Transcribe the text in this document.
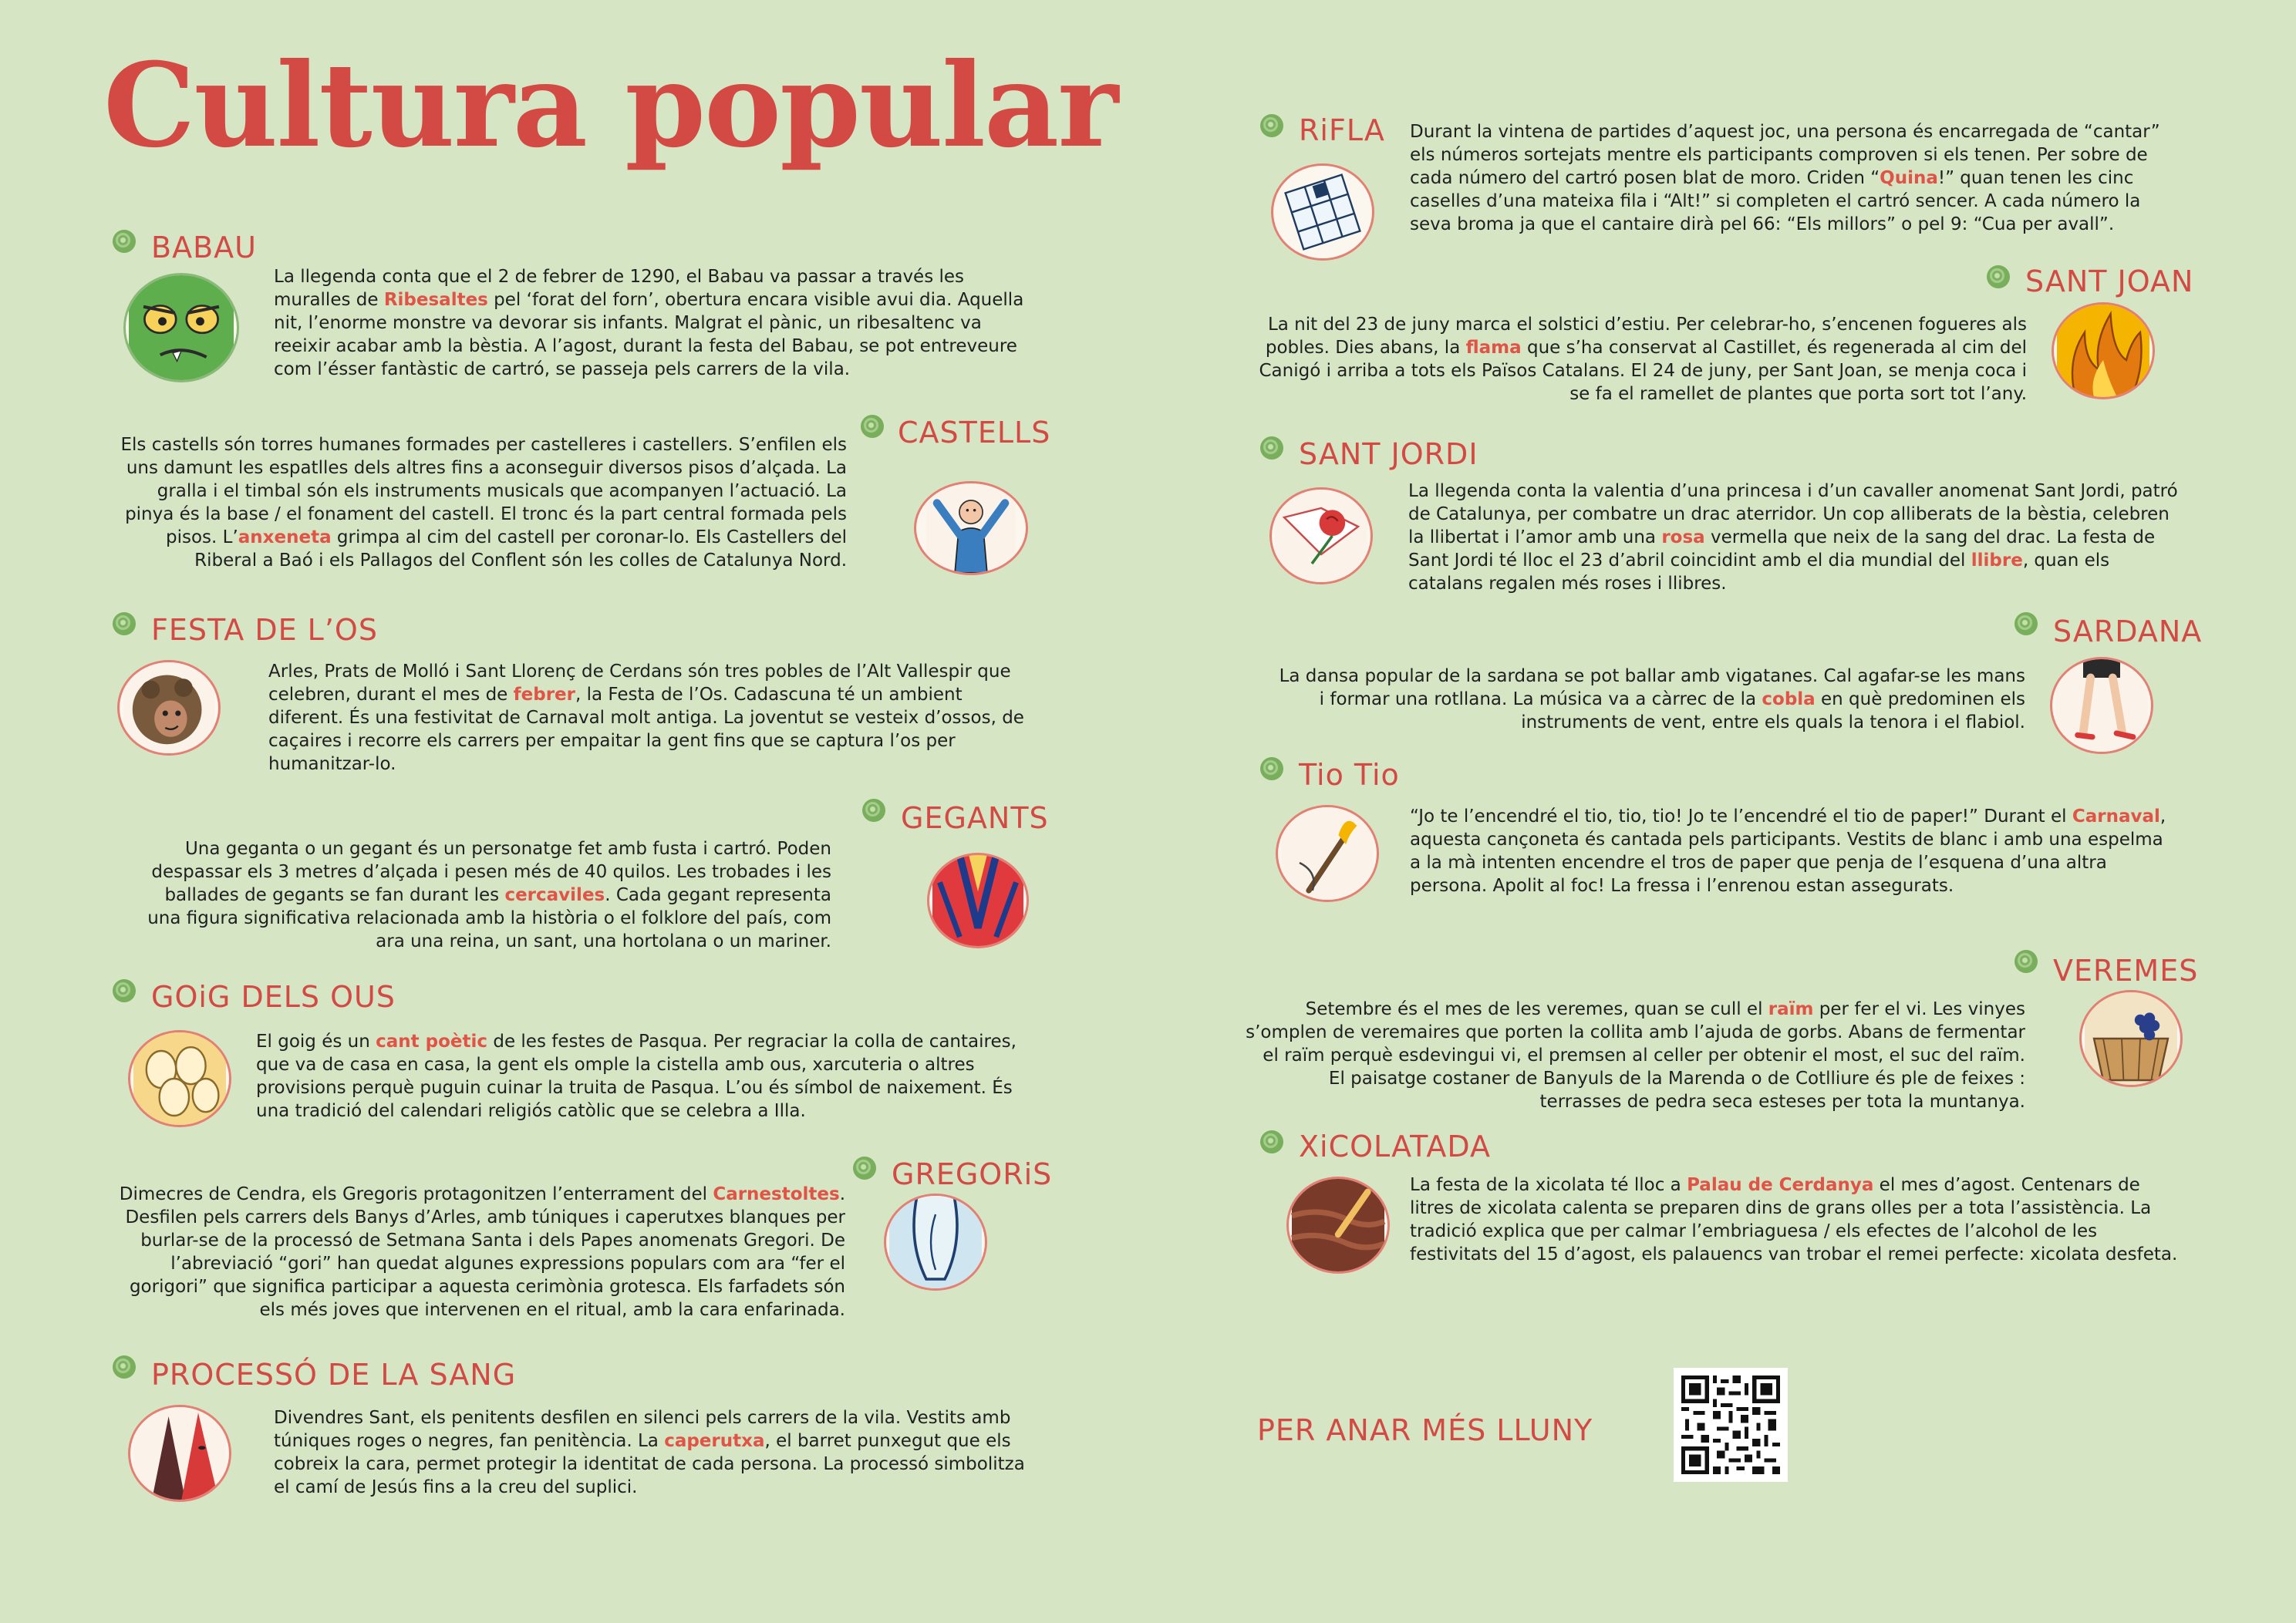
Cultura popular
BABAU

La llegenda conta que el 2 de febrer de 1290, el Babau va passar a través les muralles de Ribesaltes pel ‘forat del forn’, obertura encara visible avui dia. Aquella nit, l’enorme monstre va devorar sis infants. Malgrat el pànic, un ribesaltenc va reeixir acabar amb la bèstia. A l’agost, durant la festa del Babau, se pot entreveure com l’ésser fantàstic de cartró, se passeja pels carrers de la vila.

CASTELLS

Els castells són torres humanes formades per castelleres i castellers. S’enfilen els uns damunt les espatlles dels altres fins a aconseguir diversos pisos d’alçada. La gralla i el timbal són els instruments musicals que acompanyen l’actuació. La pinya és la base / el fonament del castell. El tronc és la part central formada pels pisos. L’anxeneta grimpa al cim del castell per coronar-lo. Els Castellers del Riberal a Baó i els Pallagos del Conflent són les colles de Catalunya Nord.

FESTA DE L’OS

Arles, Prats de Molló i Sant Llorenç de Cerdans són tres pobles de l’Alt Vallespir que celebren, durant el mes de febrer, la Festa de l’Os. Cadascuna té un ambient diferent. És una festivitat de Carnaval molt antiga. La joventut se vesteix d’ossos, de caçaires i recorre els carrers per empaitar la gent fins que se captura l’os per humanitzar-lo.

GEGANTS

Una geganta o un gegant és un personatge fet amb fusta i cartró. Poden despassar els 3 metres d’alçada i pesen més de 40 quilos. Les trobades i les ballades de gegants se fan durant les cercaviles. Cada gegant representa una figura significativa relacionada amb la història o el folklore del país, com ara una reina, un sant, una hortolana o un mariner.

GOiG DELS OUS

El goig és un cant poètic de les festes de Pasqua. Per regraciar la colla de cantaires, que va de casa en casa, la gent els omple la cistella amb ous, xarcuteria o altres provisions perquè puguin cuinar la truita de Pasqua. L’ou és símbol de naixement. És una tradició del calendari religiós catòlic que se celebra a Illa.

GREGORiS

Dimecres de Cendra, els Gregoris protagonitzen l’enterrament del Carnestoltes. Desfilen pels carrers dels Banys d’Arles, amb túniques i caperutxes blanques per burlar-se de la processó de Setmana Santa i dels Papes anomenats Gregori. De l’abreviació “gori” han quedat algunes expressions populars com ara “fer el gorigori” que significa participar a aquesta cerimònia grotesca. Els farfadets són els més joves que intervenen en el ritual, amb la cara enfarinada.

PROCESSÓ DE LA SANG

Divendres Sant, els penitents desfilen en silenci pels carrers de la vila. Vestits amb túniques roges o negres, fan penitència. La caperutxa, el barret punxegut que els cobreix la cara, permet protegir la identitat de cada persona. La processó simbolitza el camí de Jesús fins a la creu del suplici.

RiFLA Durant la vintena de partides d’aquest joc, una persona és encarregada de “cantar” els números sortejats mentre els participants comproven si els tenen. Per sobre de cada número del cartró posen blat de moro. Criden “Quina!” quan tenen les cinc caselles d’una mateixa fila i “Alt!” si completen el cartró sencer. A cada número la seva broma ja que el cantaire dirà pel 66: “Els millors” o pel 9: “Cua per avall”.

SANT JOAN

La nit del 23 de juny marca el solstici d’estiu. Per celebrar-ho, s’encenen fogueres als pobles. Dies abans, la flama que s’ha conservat al Castillet, és regenerada al cim del Canigó i arriba a tots els Països Catalans. El 24 de juny, per Sant Joan, se menja coca i se fa el ramellet de plantes que porta sort tot l’any.

SANT JORDI

La llegenda conta la valentia d’una princesa i d’un cavaller anomenat Sant Jordi, patró de Catalunya, per combatre un drac aterridor. Un cop alliberats de la bèstia, celebren la llibertat i l’amor amb una rosa vermella que neix de la sang del drac. La festa de Sant Jordi té lloc el 23 d’abril coincidint amb el dia mundial del llibre, quan els catalans regalen més roses i llibres.

SARDANA

La dansa popular de la sardana se pot ballar amb vigatanes. Cal agafar-se les mans i formar una rotllana. La música va a càrrec de la cobla en què predominen els instruments de vent, entre els quals la tenora i el flabiol.

Tio Tio

“Jo te l’encendré el tio, tio, tio! Jo te l’encendré el tio de paper!” Durant el Carnaval, aquesta cançoneta és cantada pels participants. Vestits de blanc i amb una espelma a la mà intenten encendre el tros de paper que penja de l’esquena d’una altra persona. Apolit al foc! La fressa i l’enrenou estan assegurats.

VEREMES

Setembre és el mes de les veremes, quan se cull el raïm per fer el vi. Les vinyes s’omplen de veremaires que porten la collita amb l’ajuda de gorbs. Abans de fermentar el raïm perquè esdevingui vi, el premsen al celler per obtenir el most, el suc del raïm. El paisatge costaner de Banyuls de la Marenda o de Cotlliure és ple de feixes : terrasses de pedra seca esteses per tota la muntanya.

XiCOLATADA

La festa de la xicolata té lloc a Palau de Cerdanya el mes d’agost. Centenars de litres de xicolata calenta se preparen dins de grans olles per a tota l’assistència. La tradició explica que per calmar l’embriaguesa / els efectes de l’alcohol de les festivitats del 15 d’agost, els palauencs van trobar el remei perfecte: xicolata desfeta.

PER ANAR MÉS LLUNY
